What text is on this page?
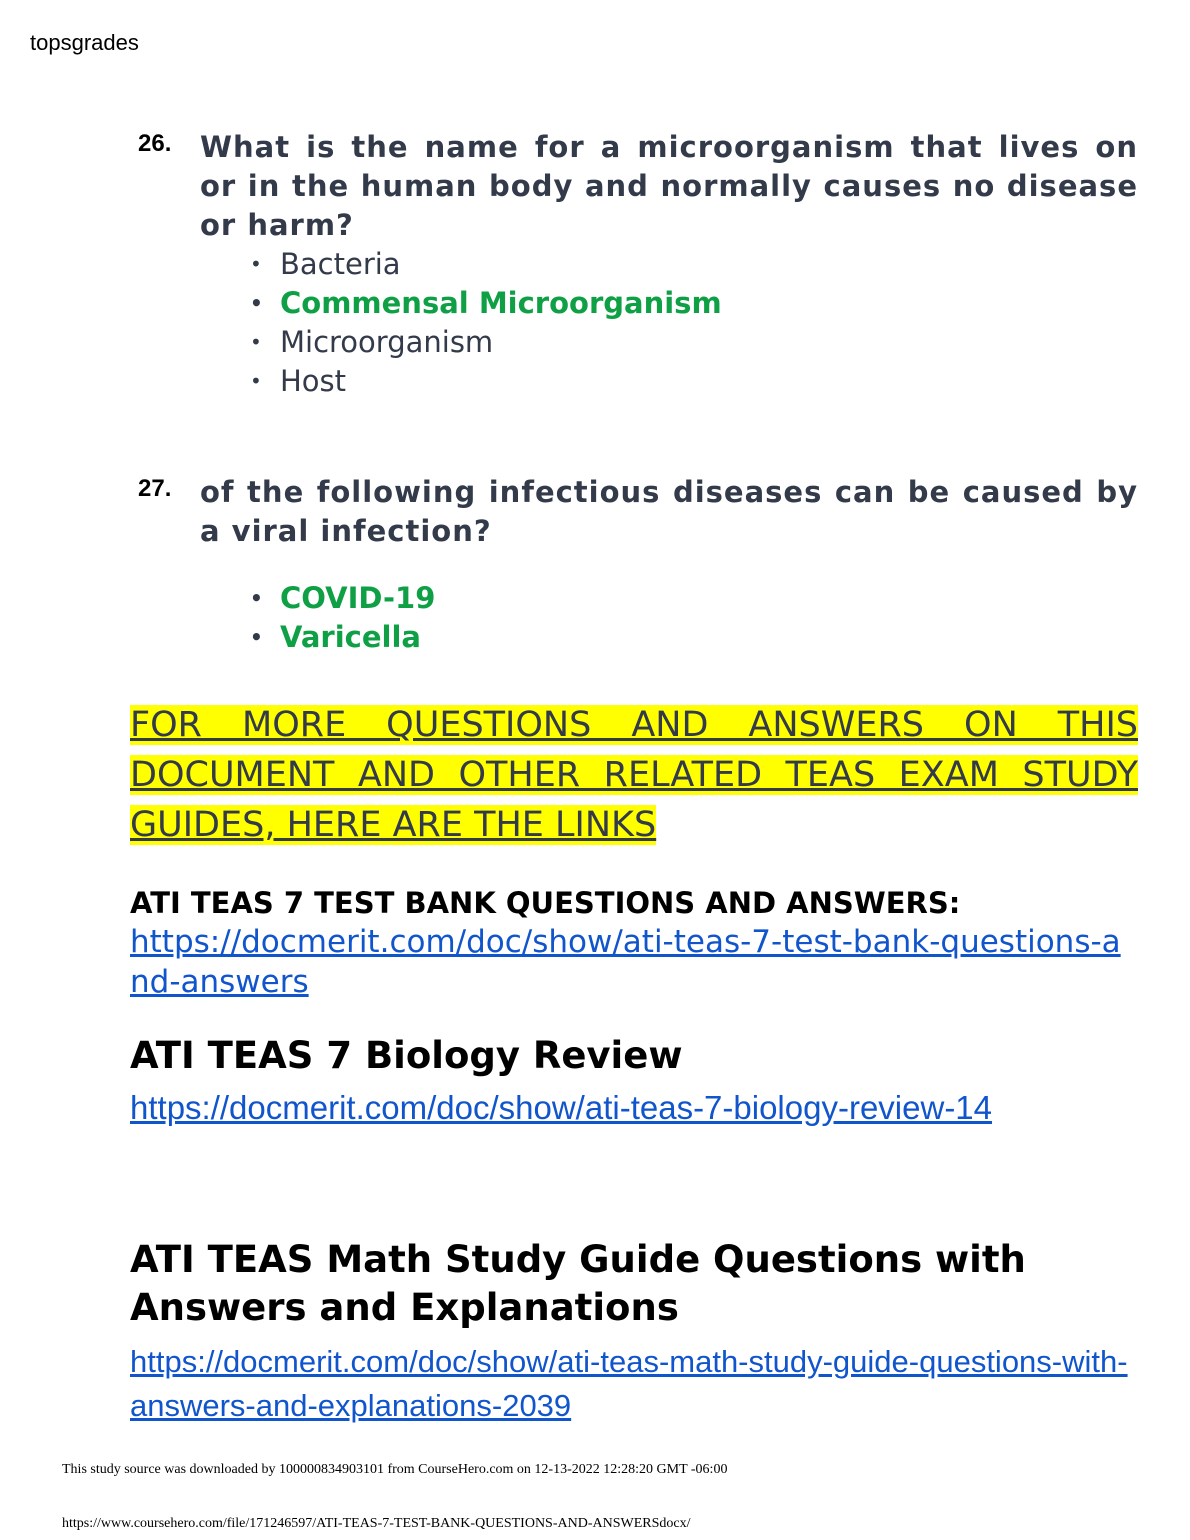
topsgrades
26. What is the name for a microorganism that lives on or in the human body and normally causes no disease or harm?
• Bacteria
• Commensal Microorganism
• Microorganism
• Host
27. of the following infectious diseases can be caused by a viral infection?
• COVID-19
• Varicella
FOR MORE QUESTIONS AND ANSWERS ON THIS DOCUMENT AND OTHER RELATED TEAS EXAM STUDY GUIDES, HERE ARE THE LINKS
ATI TEAS 7 TEST BANK QUESTIONS AND ANSWERS:
https://docmerit.com/doc/show/ati-teas-7-test-bank-questions-and-answers
ATI TEAS 7 Biology Review
https://docmerit.com/doc/show/ati-teas-7-biology-review-14
ATI TEAS Math Study Guide Questions with Answers and Explanations
https://docmerit.com/doc/show/ati-teas-math-study-guide-questions-with-answers-and-explanations-2039
This study source was downloaded by 100000834903101 from CourseHero.com on 12-13-2022 12:28:20 GMT -06:00
https://www.coursehero.com/file/171246597/ATI-TEAS-7-TEST-BANK-QUESTIONS-AND-ANSWERSdocx/
